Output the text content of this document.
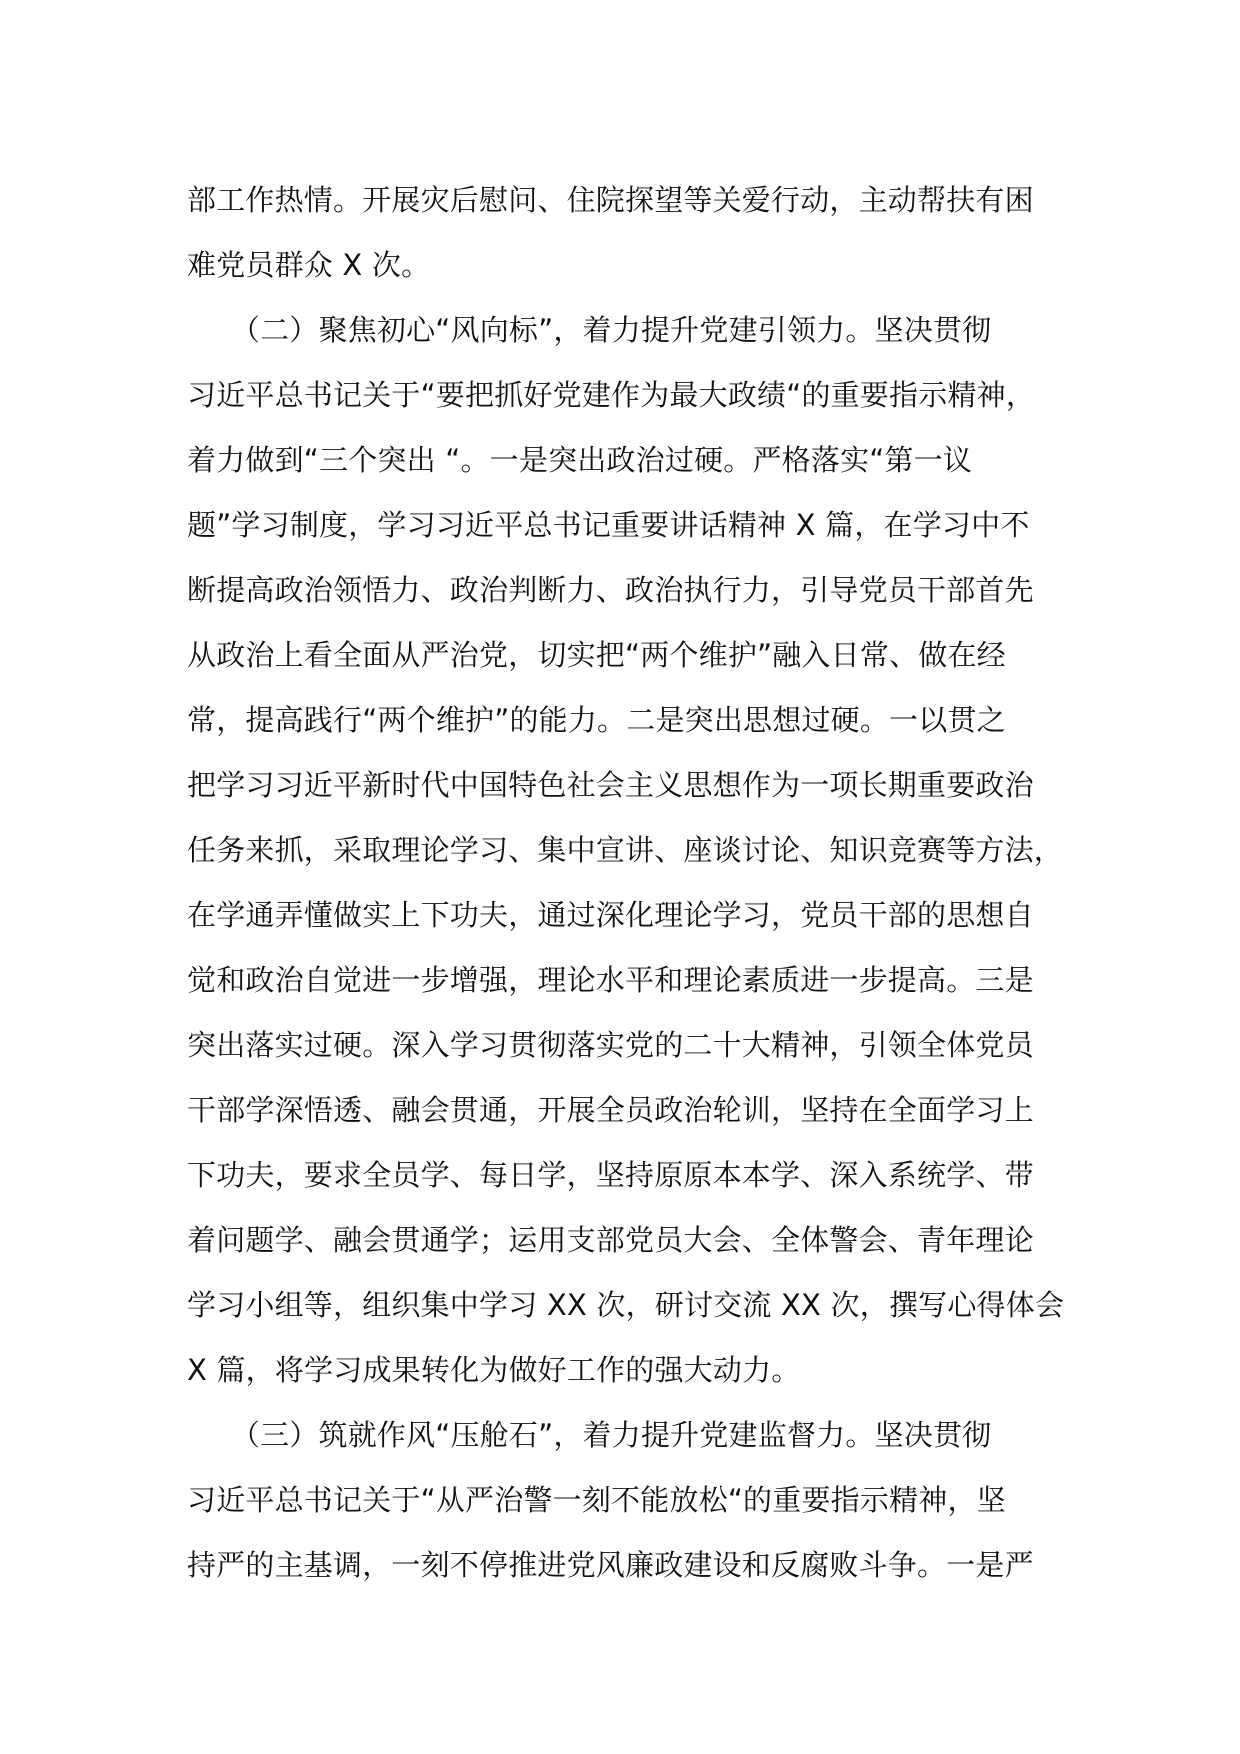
部工作热情。开展灾后慰问、住院探望等关爱行动，主动帮扶有困
难党员群众 X 次。
　　（二）聚焦初心“风向标”，着力提升党建引领力。坚决贯彻
习近平总书记关于“要把抓好党建作为最大政绩“的重要指示精神，
着力做到“三个突出 “。一是突出政治过硬。严格落实“第一议
题”学习制度，学习习近平总书记重要讲话精神 X 篇，在学习中不
断提高政治领悟力、政治判断力、政治执行力，引导党员干部首先
从政治上看全面从严治党，切实把“两个维护”融入日常、做在经
常，提高践行“两个维护”的能力。二是突出思想过硬。一以贯之
把学习习近平新时代中国特色社会主义思想作为一项长期重要政治
任务来抓，采取理论学习、集中宣讲、座谈讨论、知识竞赛等方法，
在学通弄懂做实上下功夫，通过深化理论学习，党员干部的思想自
觉和政治自觉进一步增强，理论水平和理论素质进一步提高。三是
突出落实过硬。深入学习贯彻落实党的二十大精神，引领全体党员
干部学深悟透、融会贯通，开展全员政治轮训，坚持在全面学习上
下功夫，要求全员学、每日学，坚持原原本本学、深入系统学、带
着问题学、融会贯通学；运用支部党员大会、全体警会、青年理论
学习小组等，组织集中学习 XX 次，研讨交流 XX 次，撰写心得体会
X 篇，将学习成果转化为做好工作的强大动力。
　　（三）筑就作风“压舱石”，着力提升党建监督力。坚决贯彻
习近平总书记关于“从严治警一刻不能放松“的重要指示精神，坚
持严的主基调，一刻不停推进党风廉政建设和反腐败斗争。一是严
